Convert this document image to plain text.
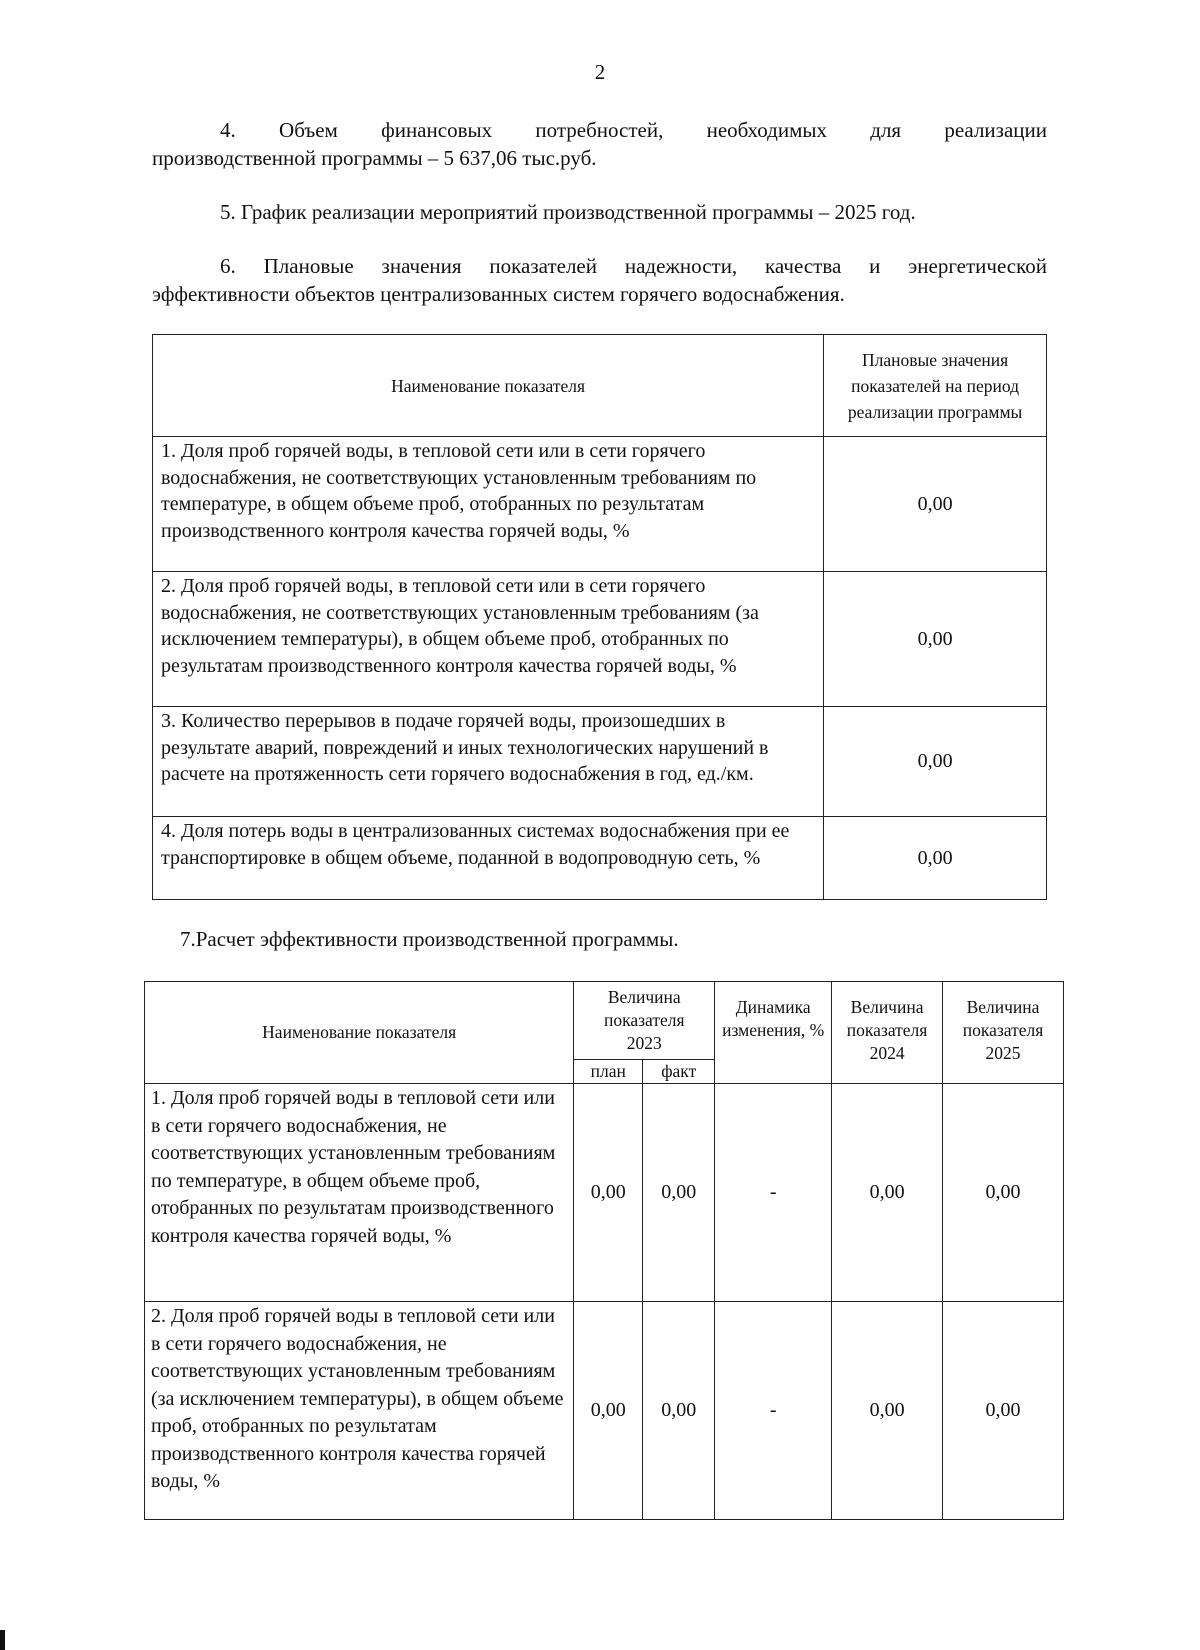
2
4. Объем финансовых потребностей, необходимых для реализации
производственной программы – 5 637,06 тыс.руб.
5. График реализации мероприятий производственной программы – 2025 год.
6. Плановые значения показателей надежности, качества и энергетической
эффективности объектов централизованных систем горячего водоснабжения.
Наименование показателя	Плановые значения показателей на период реализации программы
1. Доля проб горячей воды, в тепловой сети или в сети горячего водоснабжения, не соответствующих установленным требованиям по температуре, в общем объеме проб, отобранных по результатам производственного контроля качества горячей воды, %	0,00
2. Доля проб горячей воды, в тепловой сети или в сети горячего водоснабжения, не соответствующих установленным требованиям (за исключением температуры), в общем объеме проб, отобранных по результатам производственного контроля качества горячей воды, %	0,00
3. Количество перерывов в подаче горячей воды, произошедших в результате аварий, повреждений и иных технологических нарушений в расчете на протяженность сети горячего водоснабжения в год, ед./км.	0,00
4. Доля потерь воды в централизованных системах водоснабжения при ее транспортировке в общем объеме, поданной в водопроводную сеть, %	0,00
7.Расчет эффективности производственной программы.
Наименование показателя	Величина показателя 2023		Динамика изменения, %	Величина показателя 2024	Величина показателя 2025
	план	факт			
1. Доля проб горячей воды в тепловой сети или в сети горячего водоснабжения, не соответствующих установленным требованиям по температуре, в общем объеме проб, отобранных по результатам производственного контроля качества горячей воды, %	0,00	0,00	-	0,00	0,00
2. Доля проб горячей воды в тепловой сети или в сети горячего водоснабжения, не соответствующих установленным требованиям (за исключением температуры), в общем объеме проб, отобранных по результатам производственного контроля качества горячей воды, %	0,00	0,00	-	0,00	0,00
